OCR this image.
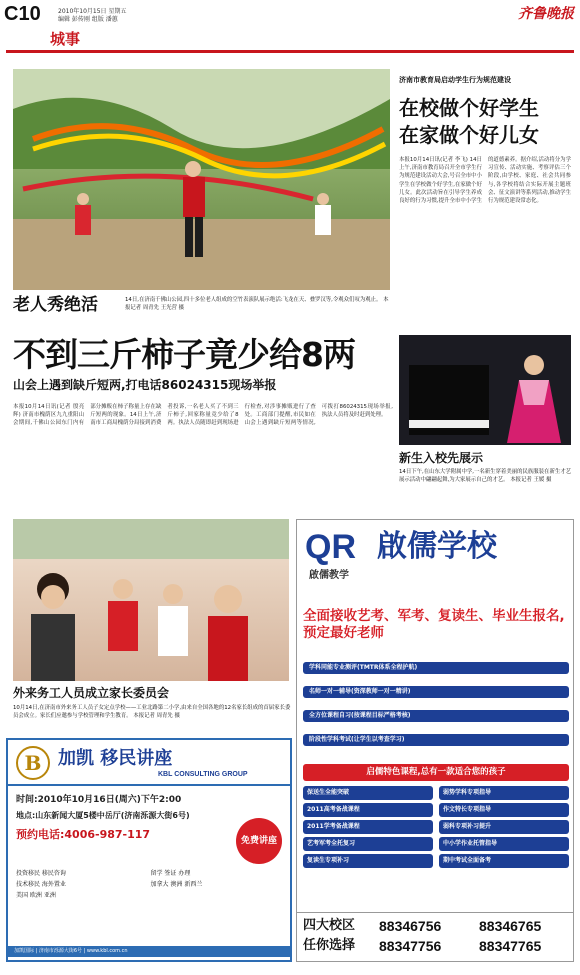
C10	2010年10月15日 星期五
编辑 彭传刚 组版 潘蕙	齐鲁晚报
城事
老人秀绝活	14日,在济南千佛山公园,四十多位老人组成的空竹表演队展示绝活:飞龙在天、叠罗汉等,令观众们叹为观止。 本报记者 周青先 王光营 摄
济南市教育局启动学生行为规范建设
在校做个好学生
在家做个好儿女
本报10月14日讯(记者 李飞) 14日上午,济南市教育局召开全市学生行为规范建设活动大会,号召全市中小学生在学校做个好学生,在家做个好儿女。此次活动旨在引导学生养成良好的行为习惯,提升全市中小学生的道德素养。据介绍,活动将分为学习宣传、活动实施、考察评估三个阶段,由学校、家庭、社会共同参与,各学校将结合实际开展主题班会、征文演讲等系列活动,推动学生行为规范建设常态化。
不到三斤柿子竟少给8两
山会上遇到缺斤短两,打电话86024315现场举报
本报10月14日讯(记者 殷亮辉) 济南市槐荫区九九重阳山会期间,千佛山公园东门内有部分摊贩在柿子称量上存在缺斤短两的现象。14日上午,济南市工商局槐荫分局接到消费者投诉,一名老人买了不到三斤柿子,回家称量竟少给了8两。执法人员随即赶到现场进行检查,对涉事摊贩进行了查处。工商部门提醒,市民如在山会上遇到缺斤短两等情况,可拨打86024315现场举报,执法人员将及时赶到处理。
新生入校先展示
14日下午,在山东大学附属中学,一名新生穿着美丽的民族服装在新生才艺展示活动中翩翩起舞,为大家展示自己的才艺。 本报记者 王媛 摄
外来务工人员成立家长委员会
10月14日,在济南市外来务工人员子女定点学校——工业北路第二小学,由来自全国各地的12名家长组成的首届家长委员会成立。家长们应邀参与学校管理和学生教育。 本报记者 周青先 摄
QR 啟儒学校
啟儒教学
全面接收艺考、军考、复读生、毕业生报名,预定最好老师
学科同能专业测评(TMTR体系全程护航)
名师一对一辅导(资深教师一对一精讲)
全方位课程自习(按课程目标严格考核)
阶段性学科考试(让学生以考查学习)
启儒特色课程,总有一款适合您的孩子
保送生全能突破	弱势学科专项指导
2011高考备战课程	作文特长专项指导
2011学考备战课程	弱科专项补习提升
艺考军考全托复习	中小学作业托管指导
复读生专项补习	期中考试全面备考
四大校区
任你选择
88346756	88346765
88347756	88347765
B 加凯 移民讲座
KBL CONSULTING GROUP
时间:2010年10月16日(周六)下午2:00
地点:山东新闻大厦5楼中岳厅(济南泺源大街6号)
预约电话:4006-987-117	免费讲座
投资移民 移民咨询	留学 签证 办理
技术移民 海外置业	加拿大 澳洲 新西兰
美国 欧洲 亚洲
加凯国际 | 济南市泺源大街6号 | www.kbl.com.cn
